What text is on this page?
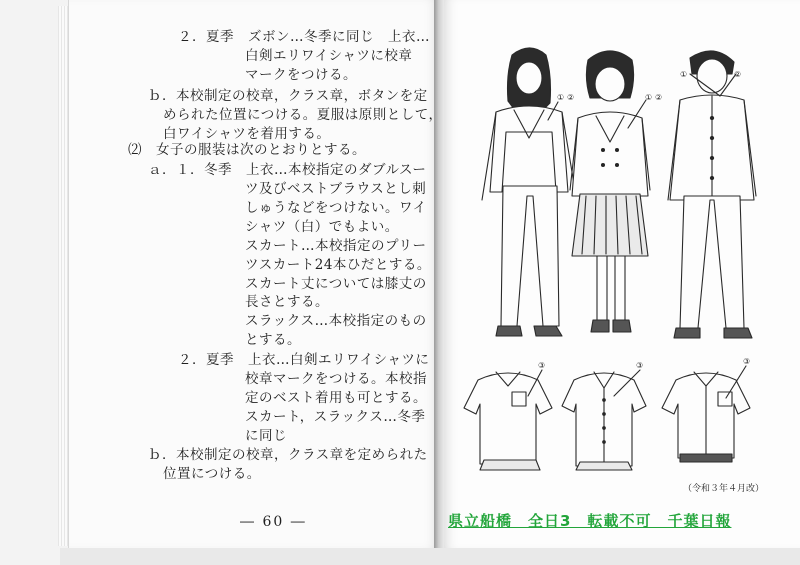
２．夏季　ズボン…冬季に同じ　上衣…
白剣エリワイシャツに校章
マークをつける。
ｂ．本校制定の校章，クラス章，ボタンを定
められた位置につける。夏服は原則として，
白ワイシャツを着用する。
⑵　女子の服装は次のとおりとする。
ａ．１．冬季　上衣…本校指定のダブルスー
ツ及びベストブラウスとし刺
しゅうなどをつけない。ワイ
シャツ（白）でもよい。
スカート…本校指定のプリー
ツスカート24本ひだとする。
スカート丈については膝丈の
長さとする。
スラックス…本校指定のもの
とする。
２．夏季　上衣…白剣エリワイシャツに
校章マークをつける。本校指
定のベスト着用も可とする。
スカート，スラックス…冬季
に同じ
ｂ．本校制定の校章，クラス章を定められた
位置につける。
― 60 ―
① ②	① ②
①	②
③	③	③
（令和３年４月改）
県立船橋　全日3　転載不可　千葉日報
